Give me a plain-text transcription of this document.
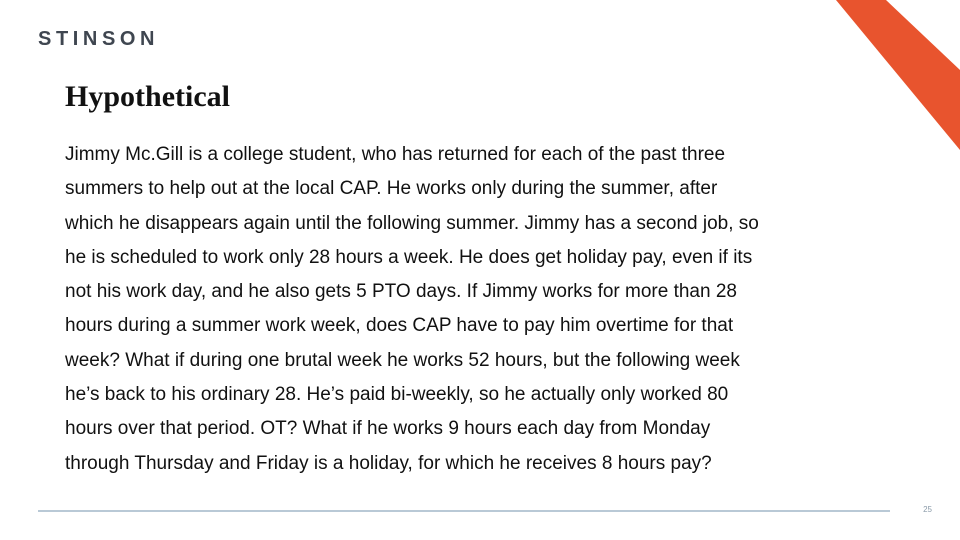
STINSON
Hypothetical

Jimmy Mc.Gill is a college student, who has returned for each of the past three
summers to help out at the local CAP. He works only during the summer, after
which he disappears again until the following summer. Jimmy has a second job, so
he is scheduled to work only 28 hours a week. He does get holiday pay, even if its
not his work day, and he also gets 5 PTO days. If Jimmy works for more than 28
hours during a summer work week, does CAP have to pay him overtime for that
week? What if during one brutal week he works 52 hours, but the following week
he’s back to his ordinary 28. He’s paid bi-weekly, so he actually only worked 80
hours over that period. OT? What if he works 9 hours each day from Monday
through Thursday and Friday is a holiday, for which he receives 8 hours pay?

25
